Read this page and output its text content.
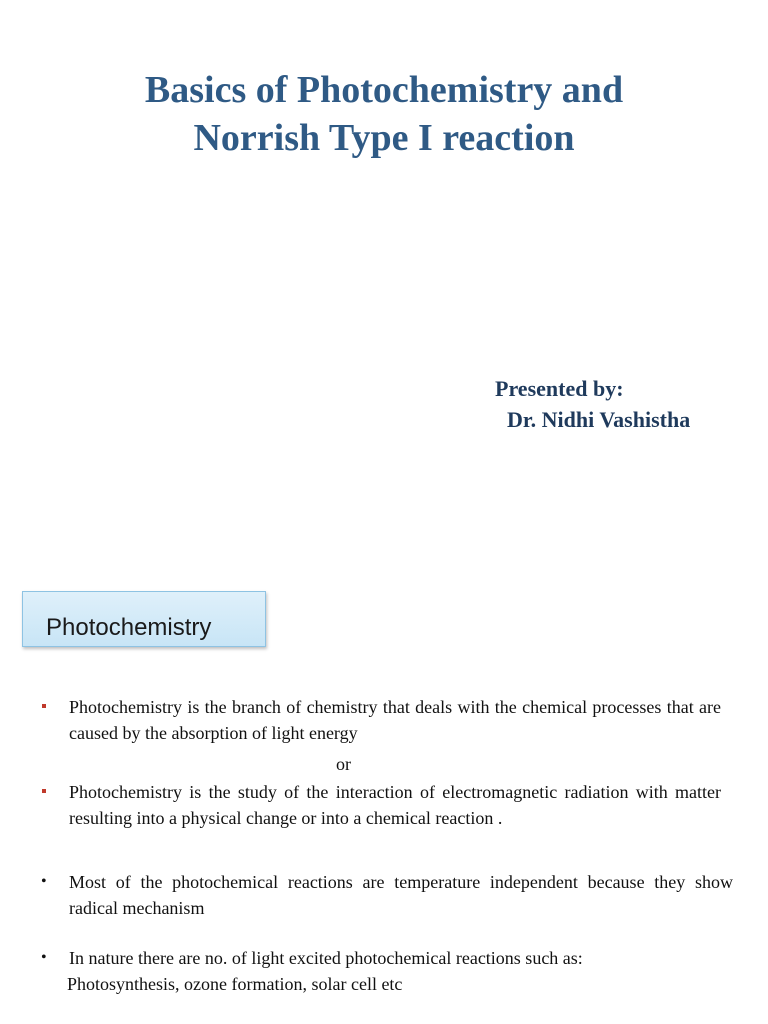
Basics of Photochemistry and
Norrish Type I reaction
Presented by:
Dr. Nidhi Vashistha
Photochemistry
Photochemistry is the branch of chemistry that deals with the chemical processes that are caused by the absorption of light energy
or
Photochemistry is the study of the interaction of electromagnetic radiation with matter resulting into a physical change or into a chemical reaction .
•	Most of the photochemical reactions are temperature independent because they show radical mechanism
•	In nature there are no. of light excited photochemical reactions such as:
Photosynthesis, ozone formation, solar cell etc
